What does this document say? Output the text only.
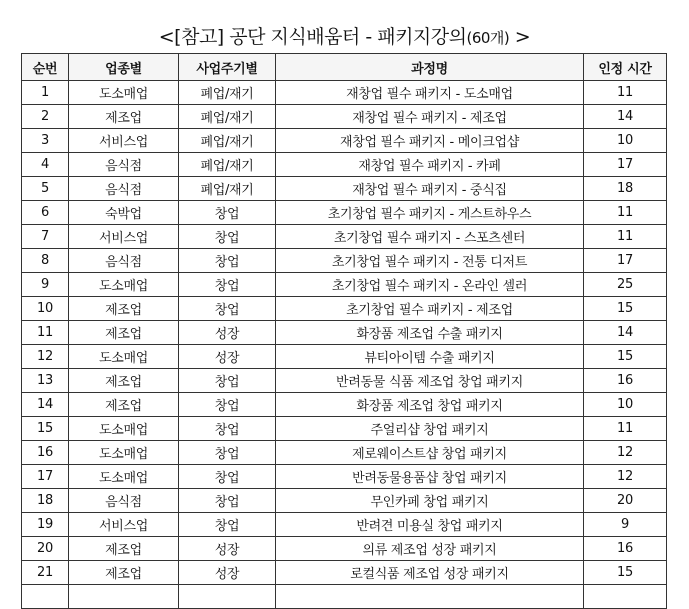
<[참고] 공단 지식배움터 - 패키지강의(60개) >
순번	업종별	사업주기별	과정명	인정 시간
1	도소매업	폐업/재기	재창업 필수 패키지 - 도소매업	11
2	제조업	폐업/재기	재창업 필수 패키지 - 제조업	14
3	서비스업	폐업/재기	재창업 필수 패키지 - 메이크업샵	10
4	음식점	폐업/재기	재창업 필수 패키지 - 카페	17
5	음식점	폐업/재기	재창업 필수 패키지 - 중식집	18
6	숙박업	창업	초기창업 필수 패키지 - 게스트하우스	11
7	서비스업	창업	초기창업 필수 패키지 - 스포츠센터	11
8	음식점	창업	초기창업 필수 패키지 - 전통 디저트	17
9	도소매업	창업	초기창업 필수 패키지 - 온라인 셀러	25
10	제조업	창업	초기창업 필수 패키지 - 제조업	15
11	제조업	성장	화장품 제조업 수출 패키지	14
12	도소매업	성장	뷰티아이템 수출 패키지	15
13	제조업	창업	반려동물 식품 제조업 창업 패키지	16
14	제조업	창업	화장품 제조업 창업 패키지	10
15	도소매업	창업	주얼리샵 창업 패키지	11
16	도소매업	창업	제로웨이스트샵 창업 패키지	12
17	도소매업	창업	반려동물용품샵 창업 패키지	12
18	음식점	창업	무인카페 창업 패키지	20
19	서비스업	창업	반려견 미용실 창업 패키지	9
20	제조업	성장	의류 제조업 성장 패키지	16
21	제조업	성장	로컬식품 제조업 성장 패키지	15
